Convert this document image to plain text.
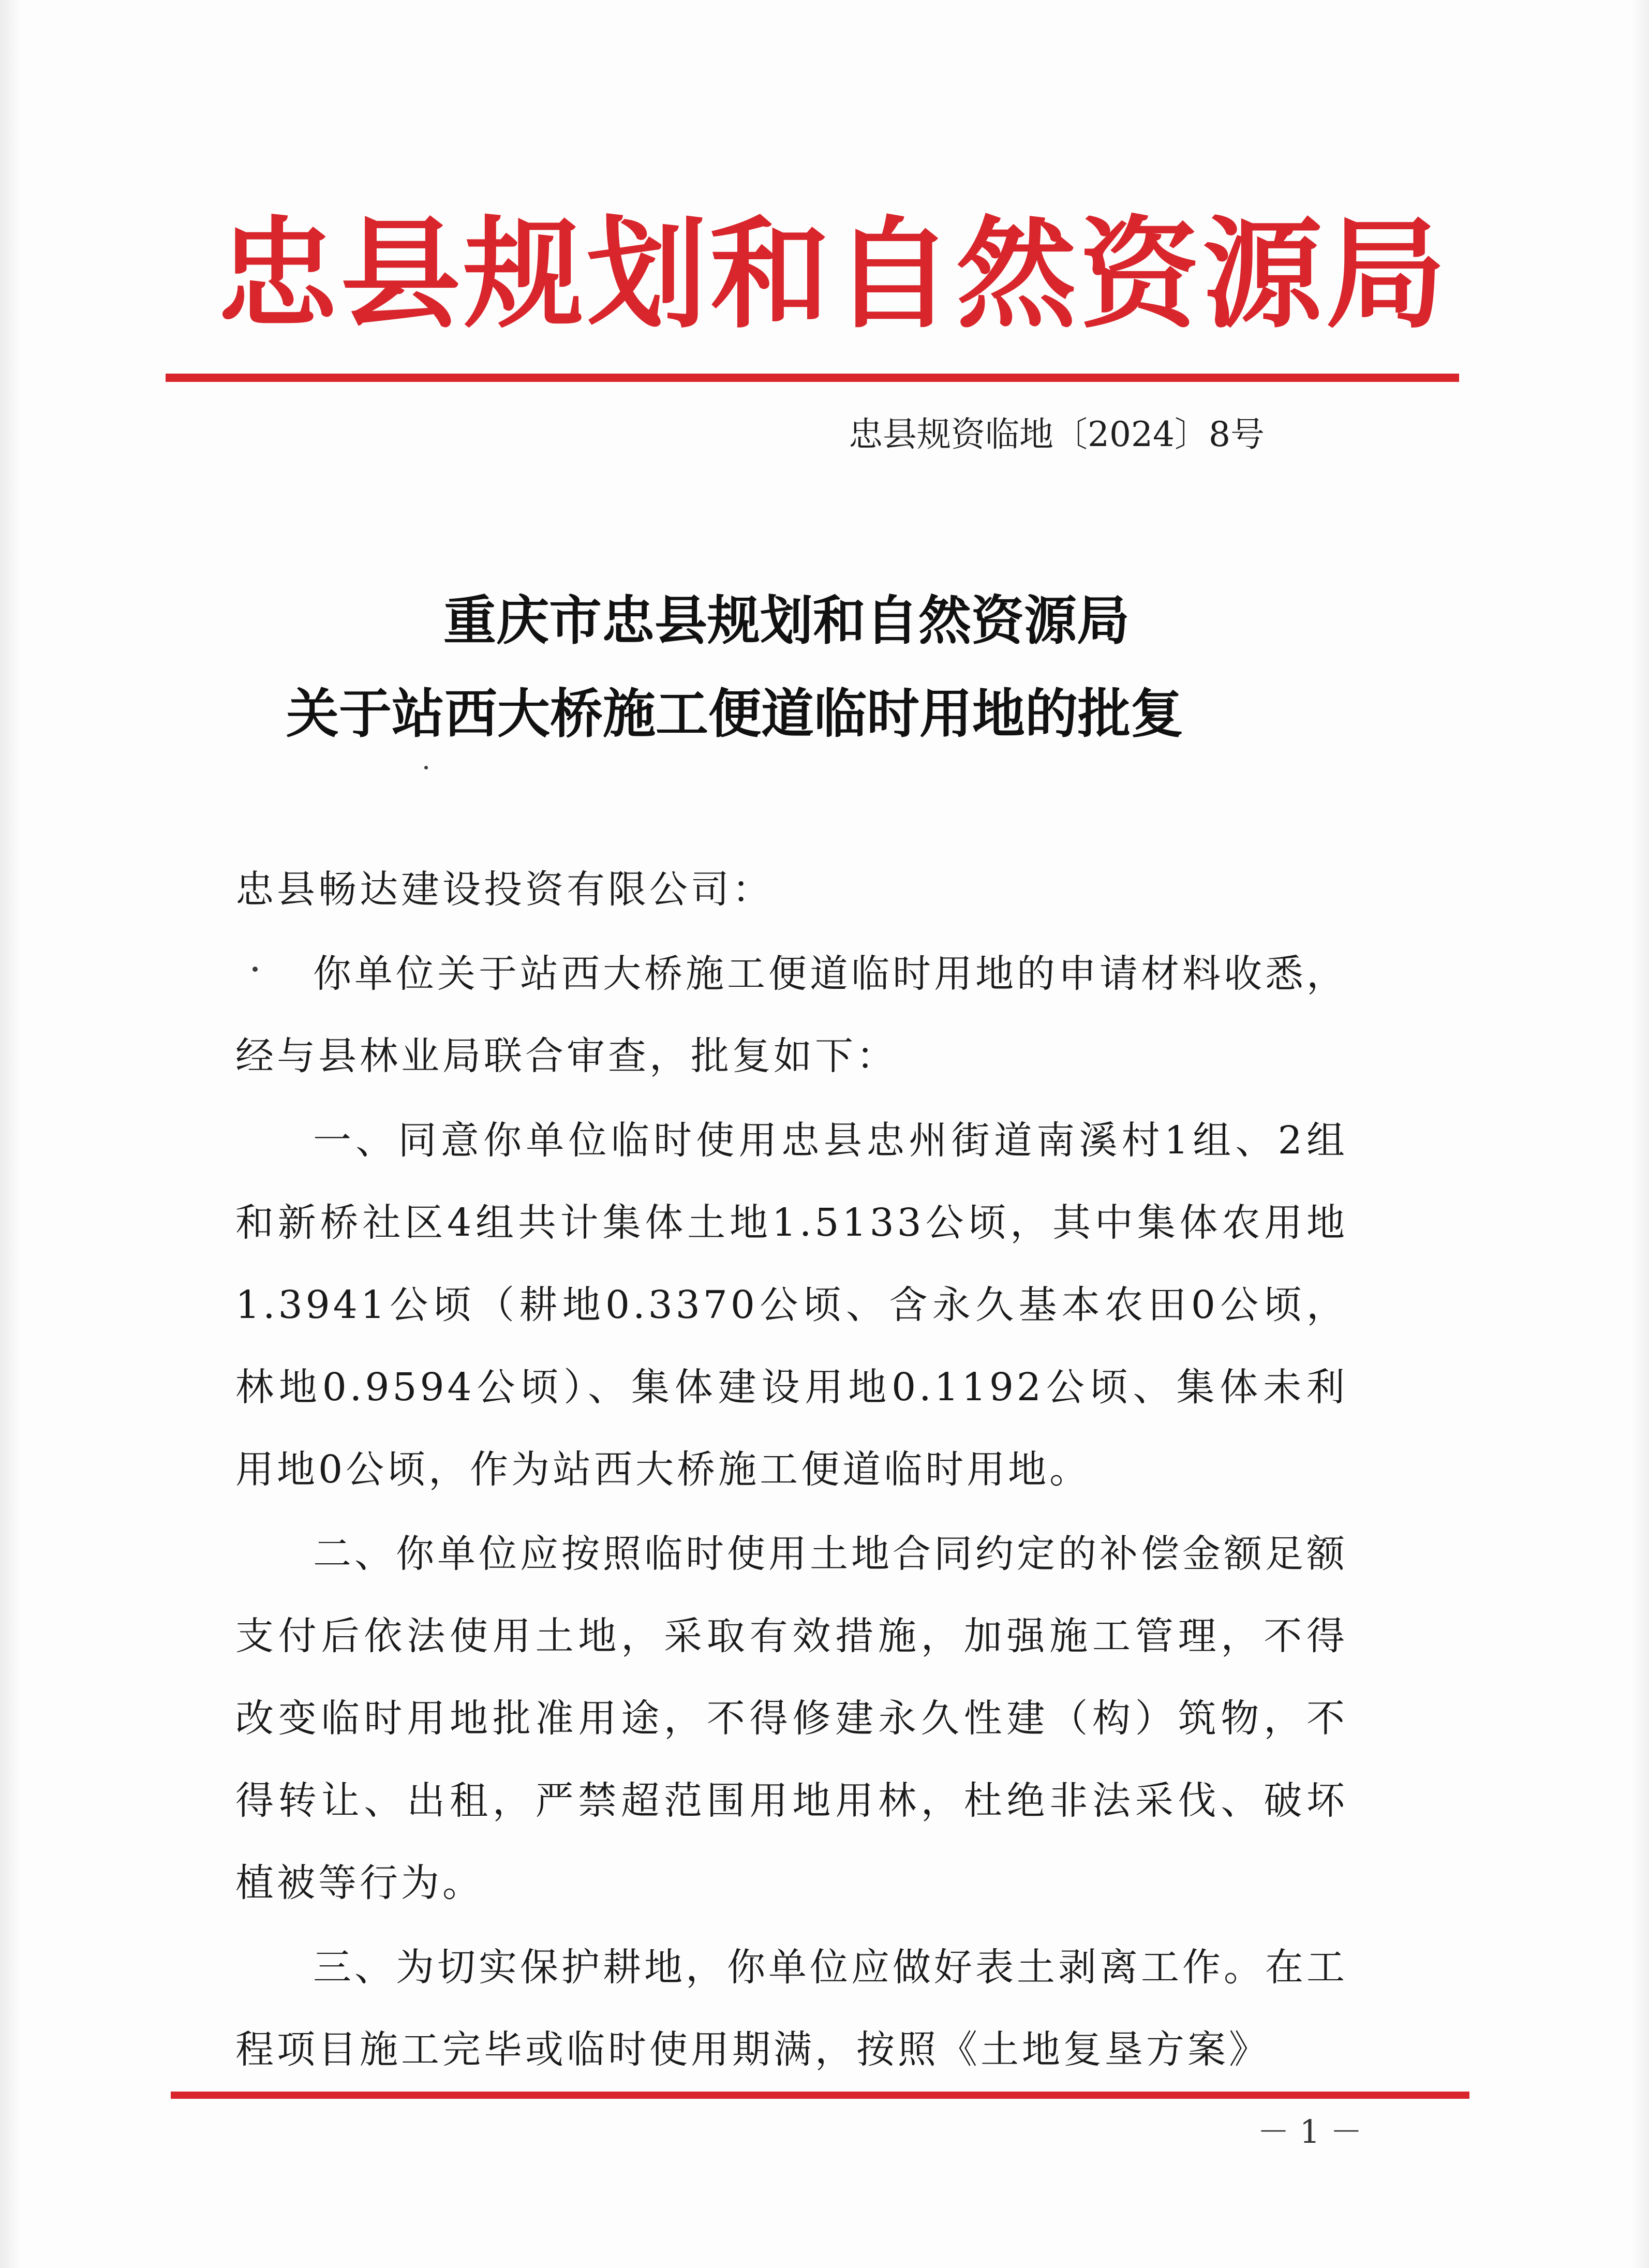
忠县规划和自然资源局
忠县规资临地〔2024〕8号
重庆市忠县规划和自然资源局
关于站西大桥施工便道临时用地的批复

忠县畅达建设投资有限公司：

你单位关于站西大桥施工便道临时用地的申请材料收悉，经与县林业局联合审查，批复如下：

一、同意你单位临时使用忠县忠州街道南溪村1组、2组和新桥社区4组共计集体土地1.5133公顷，其中集体农用地1.3941公顷（耕地0.3370公顷、含永久基本农田0公顷，林地0.9594公顷）、集体建设用地0.1192公顷、集体未利用地0公顷，作为站西大桥施工便道临时用地。

二、你单位应按照临时使用土地合同约定的补偿金额足额支付后依法使用土地，采取有效措施，加强施工管理，不得改变临时用地批准用途，不得修建永久性建（构）筑物，不得转让、出租，严禁超范围用地用林，杜绝非法采伐、破坏植被等行为。

三、为切实保护耕地，你单位应做好表土剥离工作。在工程项目施工完毕或临时使用期满，按照《土地复垦方案》

－ 1 －
